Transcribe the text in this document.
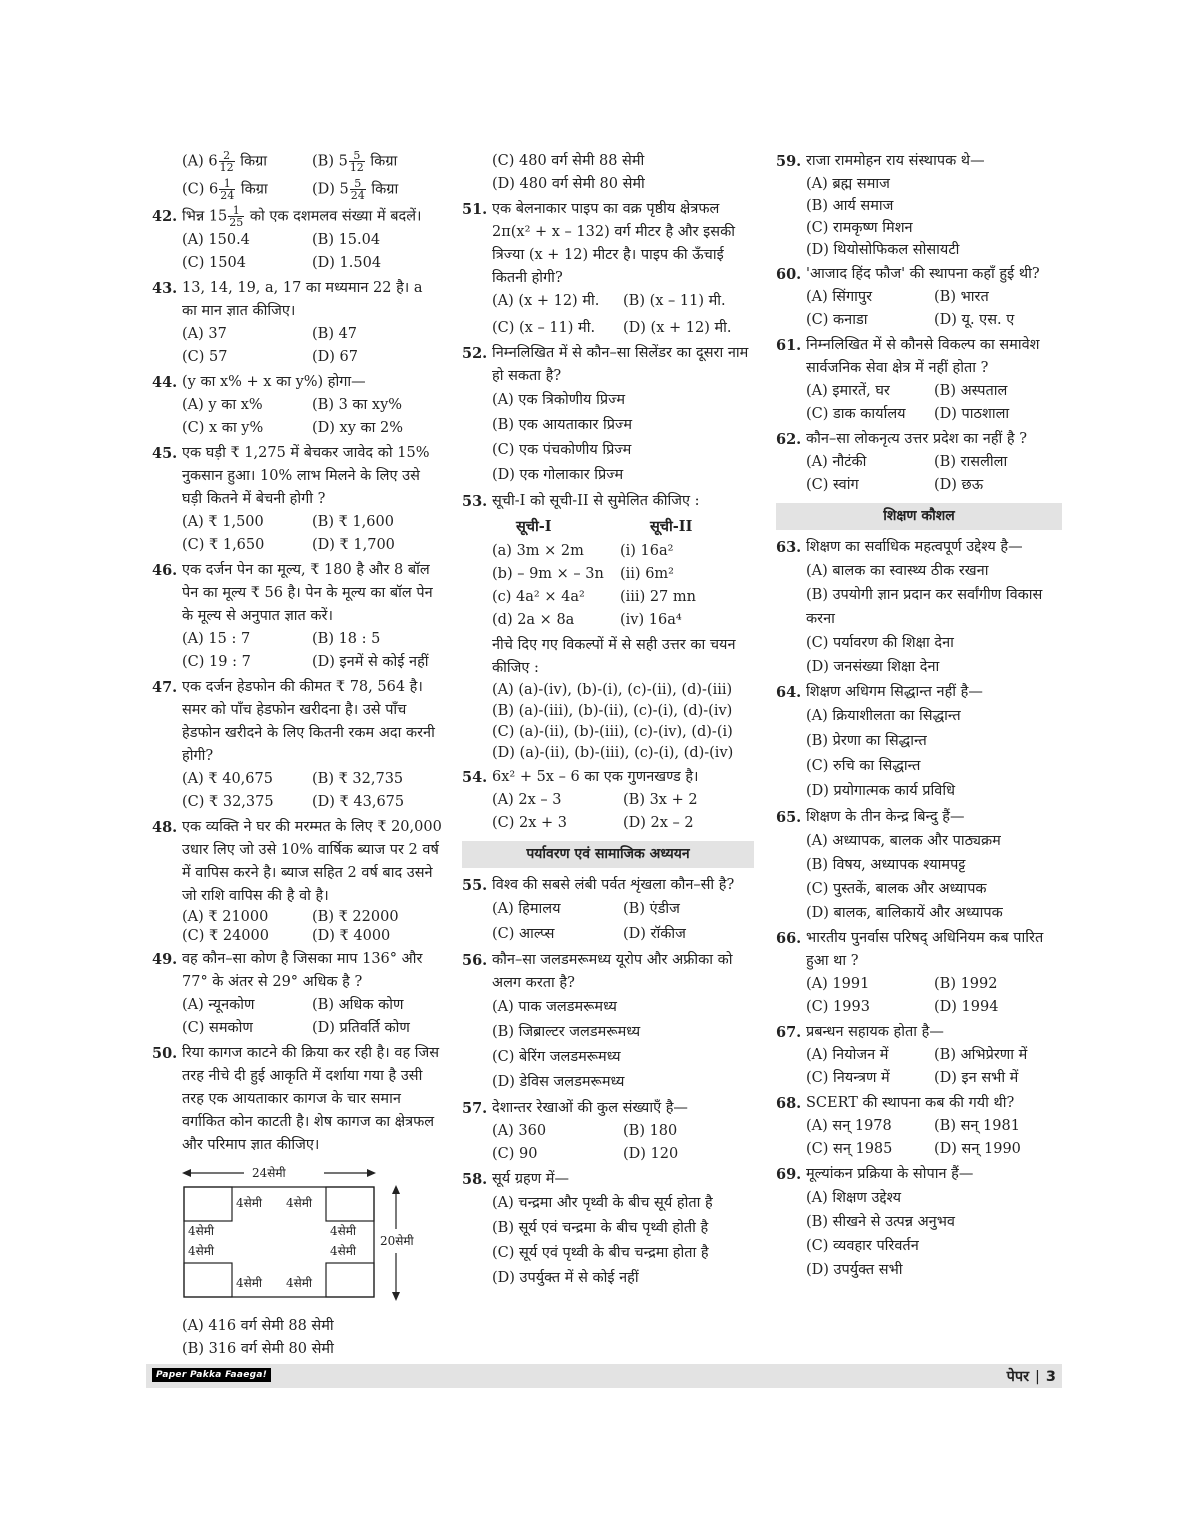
(A) $6 \frac{2}{12}$ किग्रा	(B) $5 \frac{5}{12}$ किग्रा
(C) $6 \frac{1}{24}$ किग्रा	(D) $5 \frac{5}{24}$ किग्रा
42. भिन्न $15 \frac{1}{25}$ को एक दशमलव संख्या में बदलें।
(A) 150.4	(B) 15.04
(C) 1504	(D) 1.504
43. 13, 14, 19, a, 17 का मध्यमान 22 है। a का मान ज्ञात कीजिए।
(A) 37	(B) 47
(C) 57	(D) 67
44. (y का x% + x का y%) होगा—
(A) y का x%	(B) 3 का xy%
(C) x का y%	(D) xy का 2%
45. एक घड़ी ₹ 1,275 में बेचकर जावेद को 15% नुकसान हुआ। 10% लाभ मिलने के लिए उसे घड़ी कितने में बेचनी होगी ?
(A) ₹ 1,500	(B) ₹ 1,600
(C) ₹ 1,650	(D) ₹ 1,700
46. एक दर्जन पेन का मूल्य, ₹ 180 है और 8 बॉल पेन का मूल्य ₹ 56 है। पेन के मूल्य का बॉल पेन के मूल्य से अनुपात ज्ञात करें।
(A) 15 : 7	(B) 18 : 5
(C) 19 : 7	(D) इनमें से कोई नहीं
47. एक दर्जन हेडफोन की कीमत ₹ 78, 564 है। समर को पाँच हेडफोन खरीदना है। उसे पाँच हेडफोन खरीदने के लिए कितनी रकम अदा करनी होगी?
(A) ₹ 40,675	(B) ₹ 32,735
(C) ₹ 32,375	(D) ₹ 43,675
48. एक व्यक्ति ने घर की मरम्मत के लिए ₹ 20,000 उधार लिए जो उसे 10% वार्षिक ब्याज पर 2 वर्ष में वापिस करने है। ब्याज सहित 2 वर्ष बाद उसने जो राशि वापिस की है वो है।
(A) ₹ 21000	(B) ₹ 22000
(C) ₹ 24000	(D) ₹ 4000
49. वह कौन–सा कोण है जिसका माप 136° और 77° के अंतर से 29° अधिक है ?
(A) न्यूनकोण	(B) अधिक कोण
(C) समकोण	(D) प्रतिवर्ति कोण
50. रिया कागज काटने की क्रिया कर रही है। वह जिस तरह नीचे दी हुई आकृति में दर्शाया गया है उसी तरह एक आयताकार कागज के चार समान वर्गाकित कोन काटती है। शेष कागज का क्षेत्रफल और परिमाप ज्ञात कीजिए।
24सेमी
4सेमी 4सेमी
4सेमी
4सेमी
4सेमी
4सेमी
4सेमी 4सेमी
20सेमी
(A) 416 वर्ग सेमी 88 सेमी
(B) 316 वर्ग सेमी 80 सेमी
(C) 480 वर्ग सेमी 88 सेमी
(D) 480 वर्ग सेमी 80 सेमी
51. एक बेलनाकार पाइप का वक्र पृष्ठीय क्षेत्रफल 2π(x² + x – 132) वर्ग मीटर है और इसकी त्रिज्या (x + 12) मीटर है। पाइप की ऊँचाई कितनी होगी?
(A) (x + 12) मी.	(B) (x – 11) मी.
(C) (x – 11) मी.	(D) (x + 12) मी.
52. निम्नलिखित में से कौन–सा सिलेंडर का दूसरा नाम हो सकता है?
(A) एक त्रिकोणीय प्रिज्म
(B) एक आयताकार प्रिज्म
(C) एक पंचकोणीय प्रिज्म
(D) एक गोलाकार प्रिज्म
53. सूची-I को सूची-II से सुमेलित कीजिए :
सूची-I	सूची-II
(a) 3m × 2m	(i) 16a²
(b) – 9m × – 3n	(ii) 6m²
(c) 4a² × 4a²	(iii) 27 mn
(d) 2a × 8a	(iv) 16a⁴
नीचे दिए गए विकल्पों में से सही उत्तर का चयन कीजिए :
(A) (a)-(iv), (b)-(i), (c)-(ii), (d)-(iii)
(B) (a)-(iii), (b)-(ii), (c)-(i), (d)-(iv)
(C) (a)-(ii), (b)-(iii), (c)-(iv), (d)-(i)
(D) (a)-(ii), (b)-(iii), (c)-(i), (d)-(iv)
54. 6x² + 5x – 6 का एक गुणनखण्ड है।
(A) 2x – 3	(B) 3x + 2
(C) 2x + 3	(D) 2x – 2
पर्यावरण एवं सामाजिक अध्ययन
55. विश्व की सबसे लंबी पर्वत शृंखला कौन–सी है?
(A) हिमालय	(B) एंडीज
(C) आल्प्स	(D) रॉकीज
56. कौन–सा जलडमरूमध्य यूरोप और अफ्रीका को अलग करता है?
(A) पाक जलडमरूमध्य
(B) जिब्राल्टर जलडमरूमध्य
(C) बेरिंग जलडमरूमध्य
(D) डेविस जलडमरूमध्य
57. देशान्तर रेखाओं की कुल संख्याएँ है—
(A) 360	(B) 180
(C) 90	(D) 120
58. सूर्य ग्रहण में—
(A) चन्द्रमा और पृथ्वी के बीच सूर्य होता है
(B) सूर्य एवं चन्द्रमा के बीच पृथ्वी होती है
(C) सूर्य एवं पृथ्वी के बीच चन्द्रमा होता है
(D) उपर्युक्त में से कोई नहीं
59. राजा राममोहन राय संस्थापक थे—
(A) ब्रह्म समाज
(B) आर्य समाज
(C) रामकृष्ण मिशन
(D) थियोसोफिकल सोसायटी
60. 'आजाद हिंद फौज' की स्थापना कहाँ हुई थी?
(A) सिंगापुर	(B) भारत
(C) कनाडा	(D) यू. एस. ए
61. निम्नलिखित में से कौनसे विकल्प का समावेश सार्वजनिक सेवा क्षेत्र में नहीं होता ?
(A) इमारतें, घर	(B) अस्पताल
(C) डाक कार्यालय	(D) पाठशाला
62. कौन–सा लोकनृत्य उत्तर प्रदेश का नहीं है ?
(A) नौटंकी	(B) रासलीला
(C) स्वांग	(D) छऊ
शिक्षण कौशल
63. शिक्षण का सर्वाधिक महत्वपूर्ण उद्देश्य है—
(A) बालक का स्वास्थ्य ठीक रखना
(B) उपयोगी ज्ञान प्रदान कर सर्वांगीण विकास करना
(C) पर्यावरण की शिक्षा देना
(D) जनसंख्या शिक्षा देना
64. शिक्षण अधिगम सिद्धान्त नहीं है—
(A) क्रियाशीलता का सिद्धान्त
(B) प्रेरणा का सिद्धान्त
(C) रुचि का सिद्धान्त
(D) प्रयोगात्मक कार्य प्रविधि
65. शिक्षण के तीन केन्द्र बिन्दु हैं—
(A) अध्यापक, बालक और पाठ्यक्रम
(B) विषय, अध्यापक श्यामपट्ट
(C) पुस्तकें, बालक और अध्यापक
(D) बालक, बालिकायें और अध्यापक
66. भारतीय पुनर्वास परिषद् अधिनियम कब पारित हुआ था ?
(A) 1991	(B) 1992
(C) 1993	(D) 1994
67. प्रबन्धन सहायक होता है—
(A) नियोजन में	(B) अभिप्रेरणा में
(C) नियन्त्रण में	(D) इन सभी में
68. SCERT की स्थापना कब की गयी थी?
(A) सन् 1978	(B) सन् 1981
(C) सन् 1985	(D) सन् 1990
69. मूल्यांकन प्रक्रिया के सोपान हैं—
(A) शिक्षण उद्देश्य
(B) सीखने से उत्पन्न अनुभव
(C) व्यवहार परिवर्तन
(D) उपर्युक्त सभी
Paper Pakka Faaega!	पेपर | 3
